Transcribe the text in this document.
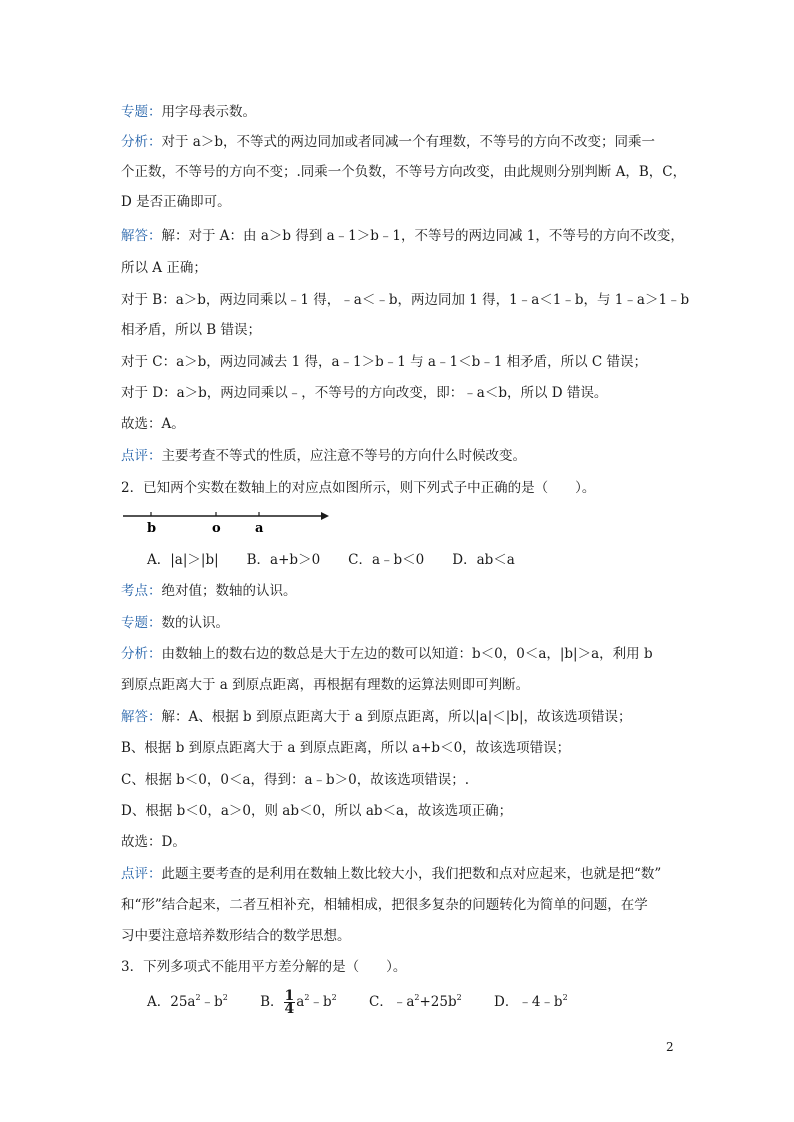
专题：用字母表示数。
分析：对于 a＞b，不等式的两边同加或者同减一个有理数，不等号的方向不改变；同乘一
个正数，不等号的方向不变；.同乘一个负数，不等号方向改变，由此规则分别判断 A，B，C，
D 是否正确即可。
解答：解：对于 A：由 a＞b 得到 a﹣1＞b﹣1，不等号的两边同减 1，不等号的方向不改变，
所以 A 正确；
对于 B：a＞b，两边同乘以﹣1 得，﹣a＜﹣b，两边同加 1 得，1﹣a＜1﹣b，与 1﹣a＞1﹣b
相矛盾，所以 B 错误；
对于 C：a＞b，两边同减去 1 得，a﹣1＞b﹣1 与 a﹣1＜b﹣1 相矛盾，所以 C 错误；
对于 D：a＞b，两边同乘以﹣，不等号的方向改变，即：﹣a＜b，所以 D 错误。
故选：A。
点评：主要考查不等式的性质，应注意不等号的方向什么时候改变。
2．已知两个实数在数轴上的对应点如图所示，则下列式子中正确的是（　　）。
b	o	a
A．|a|＞|b| B．a+b＞0 C．a﹣b＜0 D．ab＜a
考点：绝对值；数轴的认识。
专题：数的认识。
分析：由数轴上的数右边的数总是大于左边的数可以知道：b＜0，0＜a，|b|＞a，利用 b
到原点距离大于 a 到原点距离，再根据有理数的运算法则即可判断。
解答：解：A、根据 b 到原点距离大于 a 到原点距离，所以|a|＜|b|，故该选项错误；
B、根据 b 到原点距离大于 a 到原点距离，所以 a+b＜0，故该选项错误；
C、根据 b＜0，0＜a，得到：a﹣b＞0，故该选项错误；.
D、根据 b＜0，a＞0，则 ab＜0，所以 ab＜a，故该选项正确；
故选：D。
点评：此题主要考查的是利用在数轴上数比较大小，我们把数和点对应起来，也就是把“数”
和“形”结合起来，二者互相补充，相辅相成，把很多复杂的问题转化为简单的问题，在学
习中要注意培养数形结合的数学思想。
3．下列多项式不能用平方差分解的是（　　）。
A．$25a^2﹣b^2$ B． $\frac{1}{4}$ $a^2﹣b^2$ C．$﹣a^2+25b^2$ D．$﹣4﹣b^2$
2
